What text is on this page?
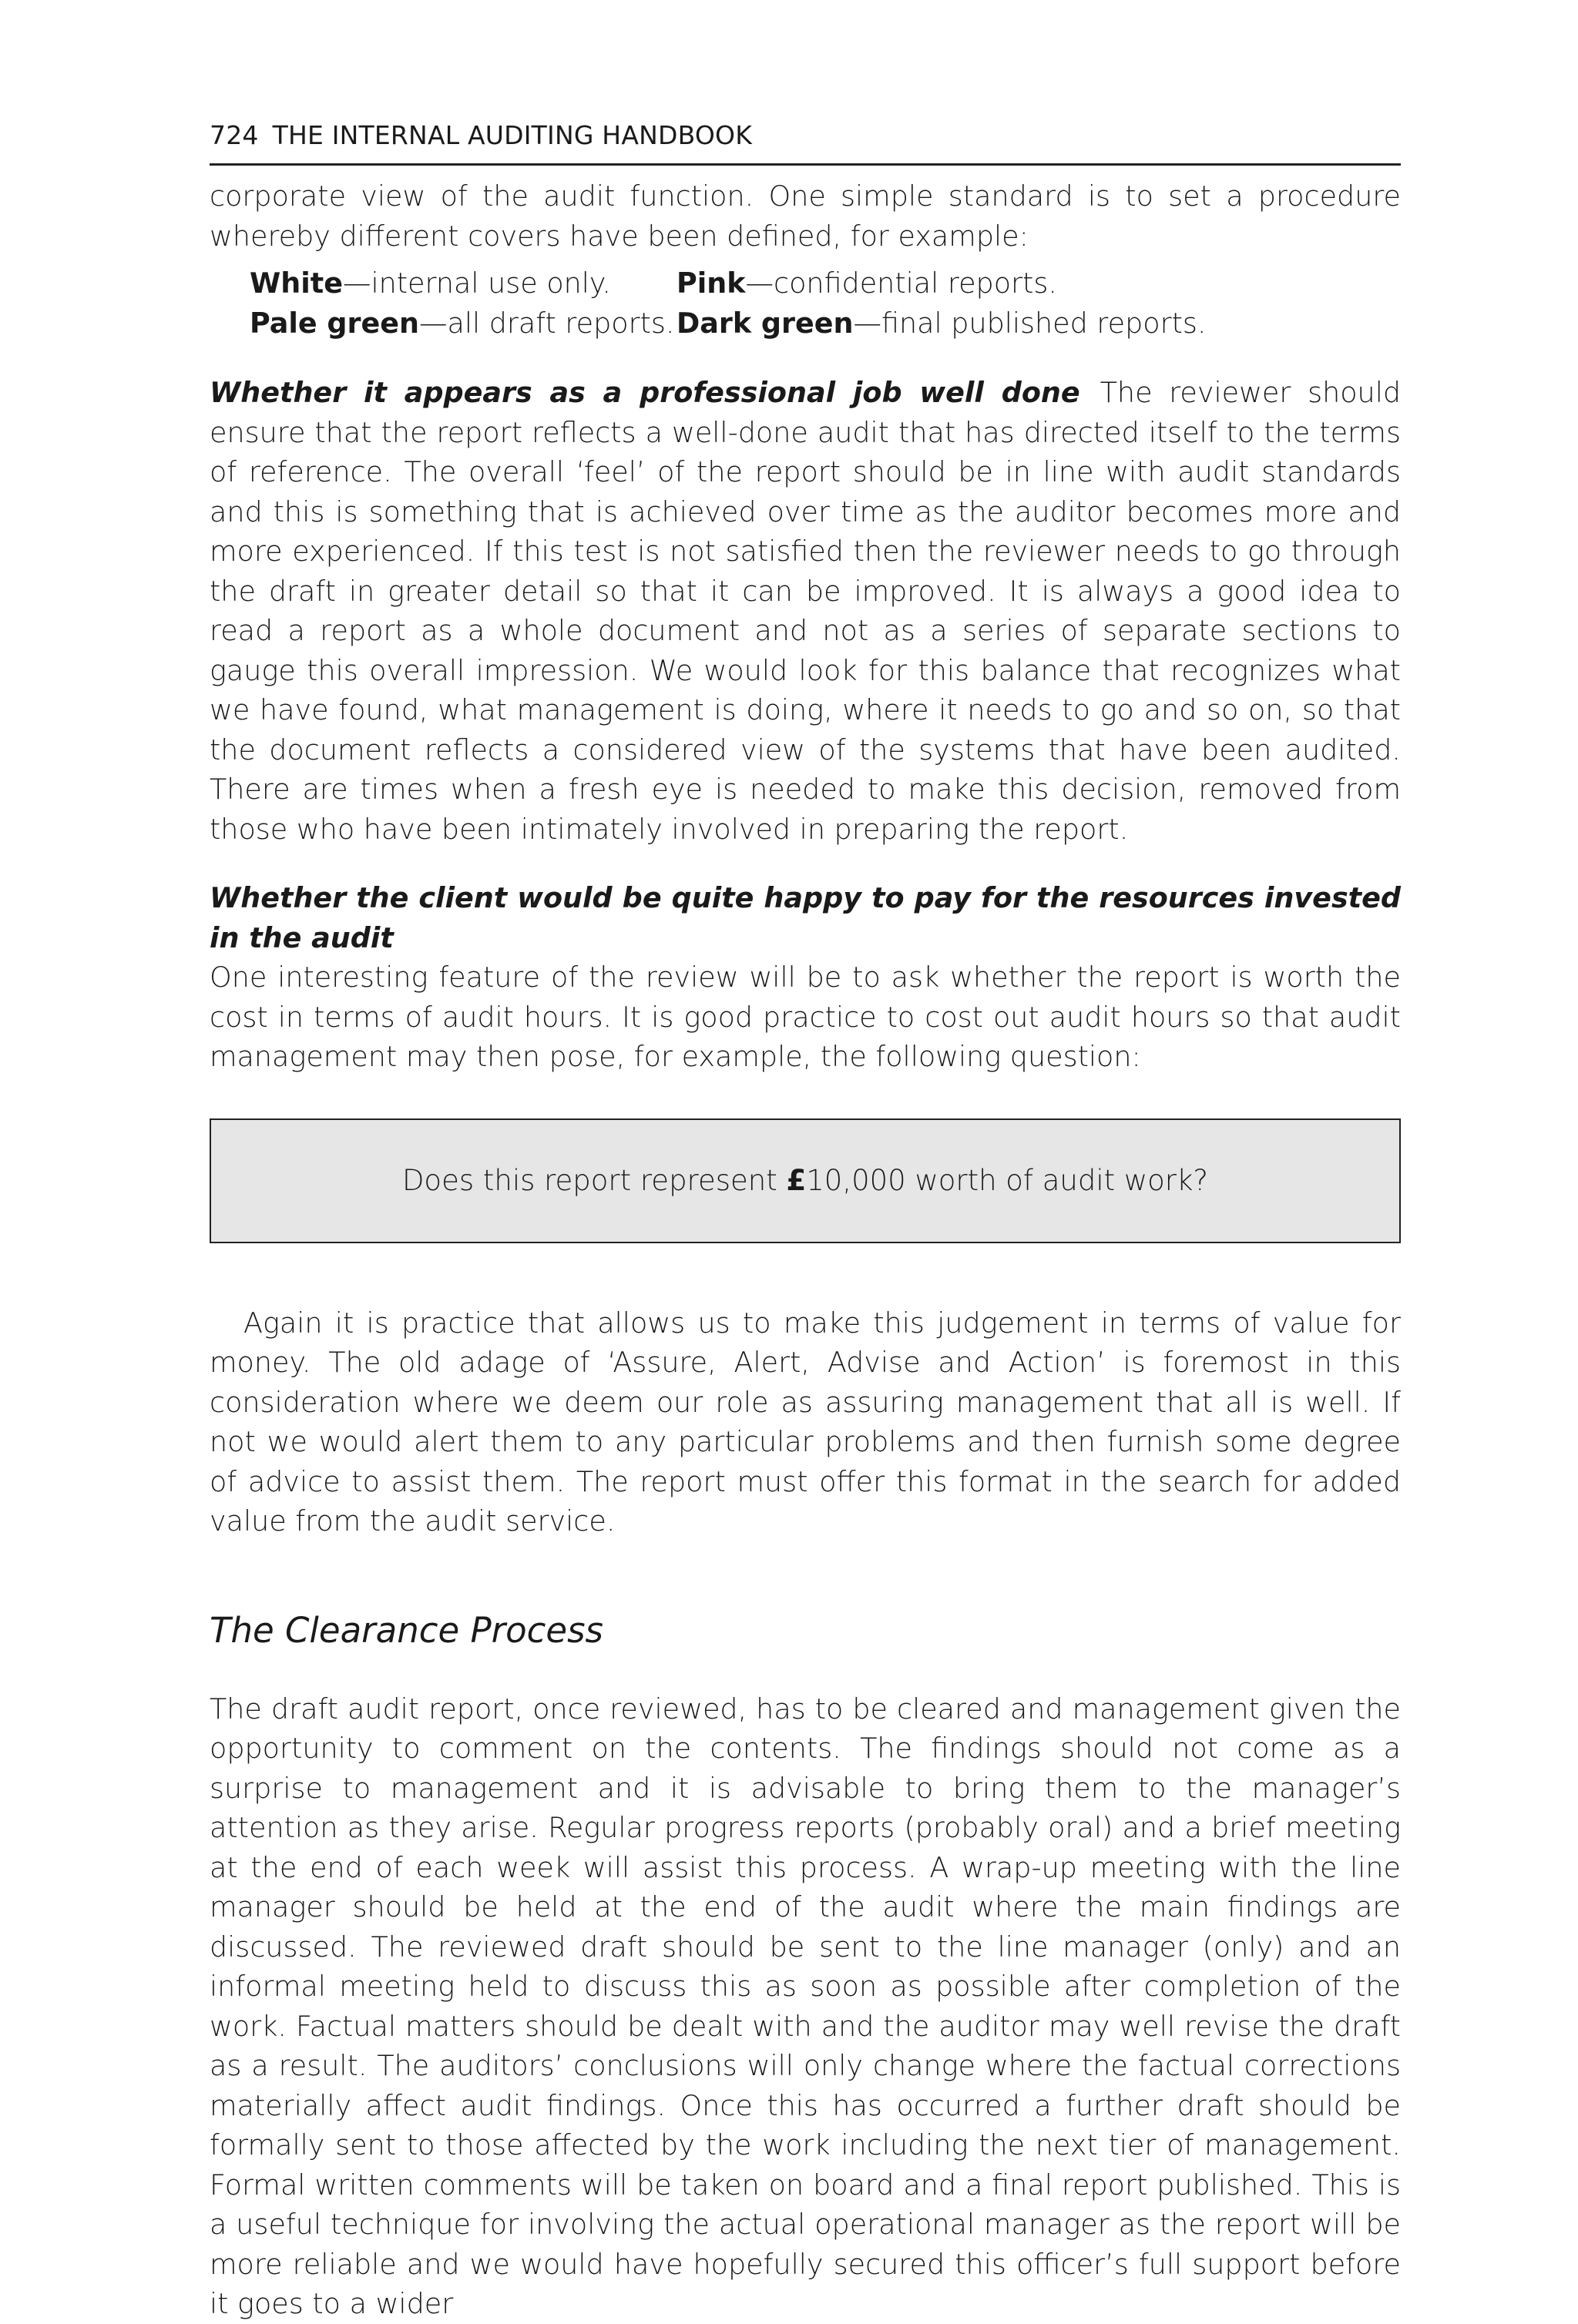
724 THE INTERNAL AUDITING HANDBOOK

corporate view of the audit function. One simple standard is to set a procedure whereby different covers have been defined, for example:

White—internal use only.	Pink—confidential reports.
Pale green—all draft reports. Dark green—final published reports.

Whether it appears as a professional job well done The reviewer should ensure that the report reflects a well-done audit that has directed itself to the terms of reference. The overall ‘feel’ of the report should be in line with audit standards and this is something that is achieved over time as the auditor becomes more and more experienced. If this test is not satisfied then the reviewer needs to go through the draft in greater detail so that it can be improved. It is always a good idea to read a report as a whole document and not as a series of separate sections to gauge this overall impression. We would look for this balance that recognizes what we have found, what management is doing, where it needs to go and so on, so that the document reflects a considered view of the systems that have been audited. There are times when a fresh eye is needed to make this decision, removed from those who have been intimately involved in preparing the report.

Whether the client would be quite happy to pay for the resources invested in the audit
One interesting feature of the review will be to ask whether the report is worth the cost in terms of audit hours. It is good practice to cost out audit hours so that audit management may then pose, for example, the following question:

Does this report represent £ 10,000 worth of audit work?

Again it is practice that allows us to make this judgement in terms of value for money. The old adage of ‘Assure, Alert, Advise and Action’ is foremost in this consideration where we deem our role as assuring management that all is well. If not we would alert them to any particular problems and then furnish some degree of advice to assist them. The report must offer this format in the search for added value from the audit service.

The Clearance Process

The draft audit report, once reviewed, has to be cleared and management given the opportunity to comment on the contents. The findings should not come as a surprise to management and it is advisable to bring them to the manager’s attention as they arise. Regular progress reports (probably oral) and a brief meeting at the end of each week will assist this process. A wrap-up meeting with the line manager should be held at the end of the audit where the main findings are discussed. The reviewed draft should be sent to the line manager (only) and an informal meeting held to discuss this as soon as possible after completion of the work. Factual matters should be dealt with and the auditor may well revise the draft as a result. The auditors’ conclusions will only change where the factual corrections materially affect audit findings. Once this has occurred a further draft should be formally sent to those affected by the work including the next tier of management. Formal written comments will be taken on board and a final report published. This is a useful technique for involving the actual operational manager as the report will be more reliable and we would have hopefully secured this officer’s full support before it goes to a wider
